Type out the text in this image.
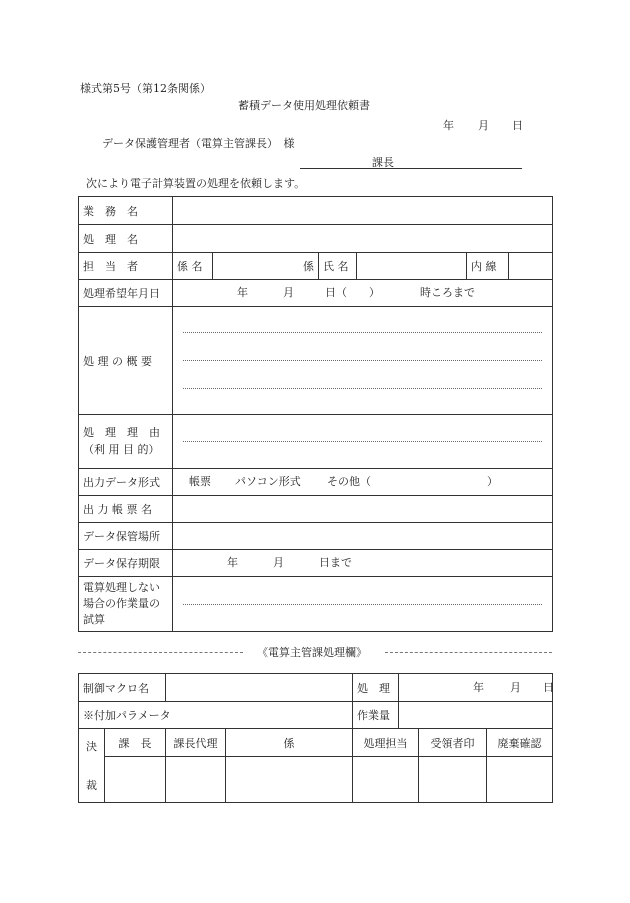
様式第5号（第12条関係）
蓄積データ使用処理依頼書
年 月 日
データ保護管理者（電算主管課長）　様
課長
次により電子計算装置の処理を依頼します。
業　務　名						
処　理　名						
担　当　者	係 名	係	氏 名		内 線	
処理希望年月日	年 月 日（　　） 時ころまで					

処 理 の 概 要						

処　理　理　由
（利 用 目 的）						

出力データ形式	帳票 パソコン形式 その他（ ）					

出 力 帳 票 名						
データ保管場所						
データ保存期限	年 月 日まで					

電算処理しない
場合の作業量の
試算						

《電算主管課処理欄》
制御マクロ名				処　理	年 月 日		

※付加パラメータ				作業量			

決
裁	課　長	課長代理	係	処理担当		受領者印	廃棄確認
